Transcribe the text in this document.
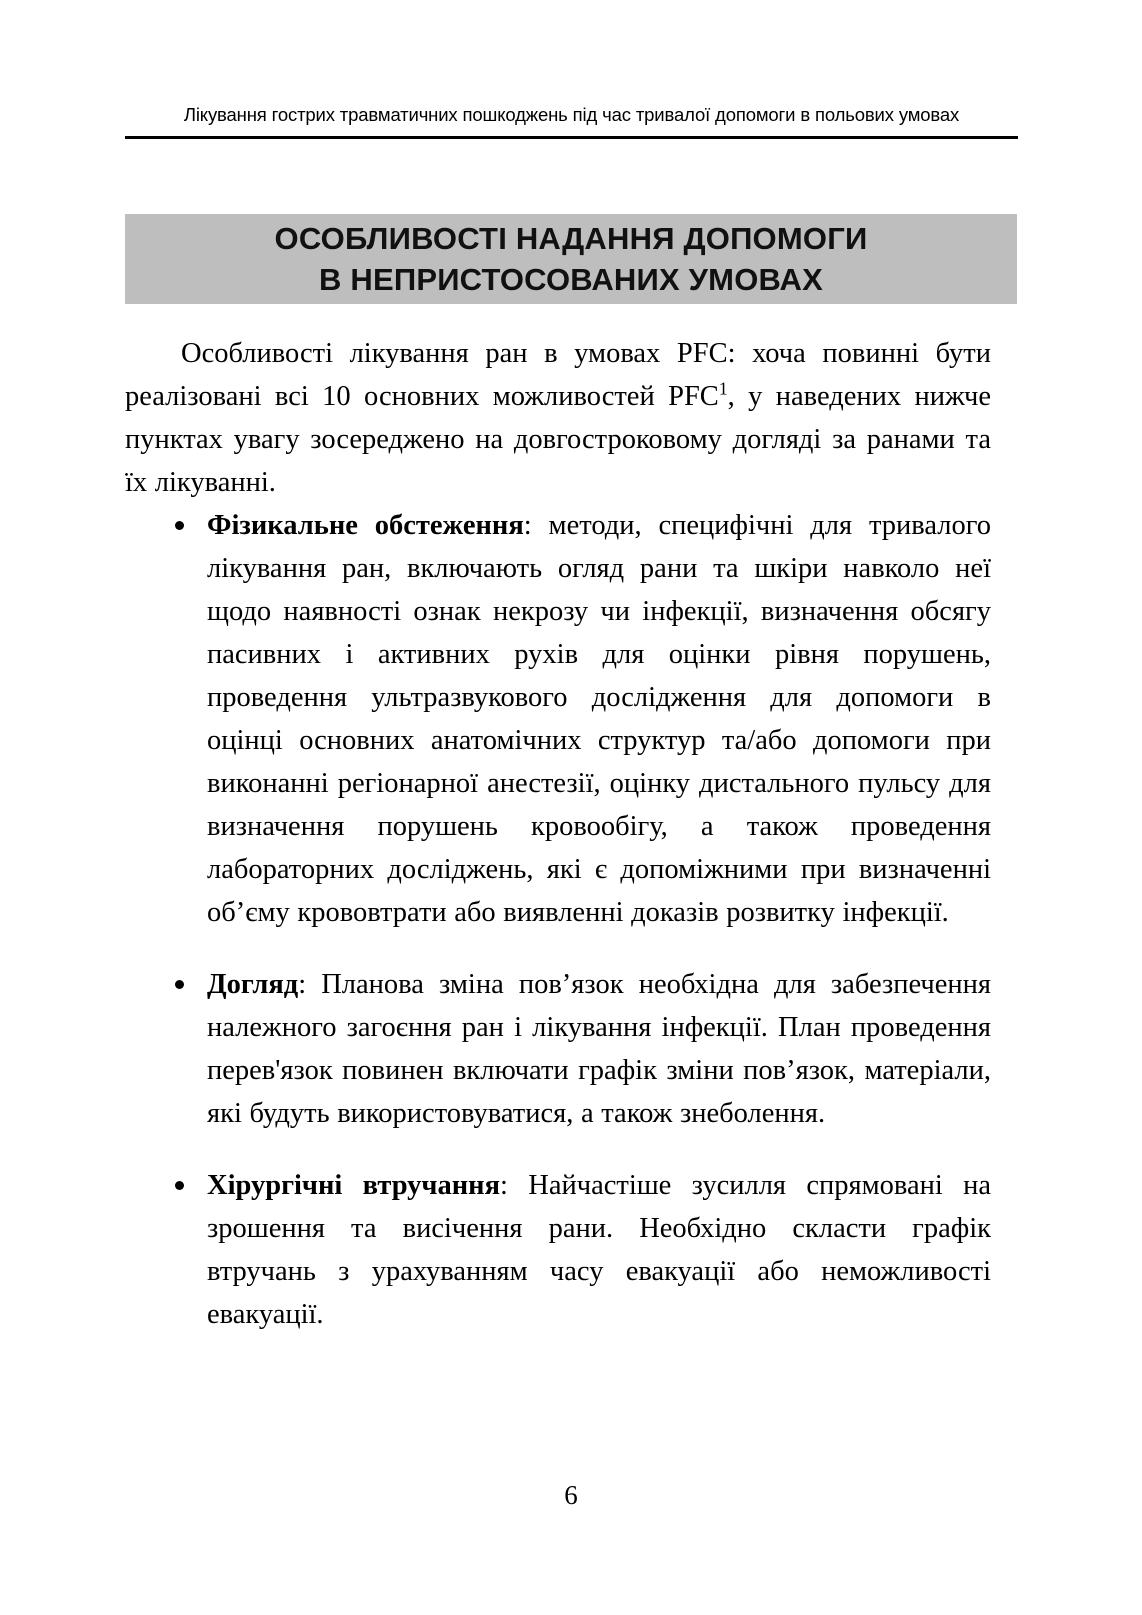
Лікування гострих травматичних пошкоджень під час тривалої допомоги в польових умовах
ОСОБЛИВОСТІ НАДАННЯ ДОПОМОГИ
В НЕПРИСТОСОВАНИХ УМОВАХ

Особливості лікування ран в умовах PFC: хоча повинні бути реалізовані всі 10 основних можливостей PFC$^1$, у наведених нижче пунктах увагу зосереджено на довгостроковому догляді за ранами та їх лікуванні.

Фізикальне обстеження: методи, специфічні для тривалого лікування ран, включають огляд рани та шкіри навколо неї щодо наявності ознак некрозу чи інфекції, визначення обсягу пасивних і активних рухів для оцінки рівня порушень, проведення ультразвукового дослідження для допомоги в оцінці основних анатомічних структур та/або допомоги при виконанні регіонарної анестезії, оцінку дистального пульсу для визначення порушень кровообігу, а також проведення лабораторних досліджень, які є допоміжними при визначенні об’єму крововтрати або виявленні доказів розвитку інфекції.
Догляд: Планова зміна пов’язок необхідна для забезпечення належного загоєння ран і лікування інфекції. План проведення перев'язок повинен включати графік зміни пов’язок, матеріали, які будуть використовуватися, а також знеболення.
Хірургічні втручання: Найчастіше зусилля спрямовані на зрошення та висічення рани. Необхідно скласти графік втручань з урахуванням часу евакуації або неможливості евакуації.
6
